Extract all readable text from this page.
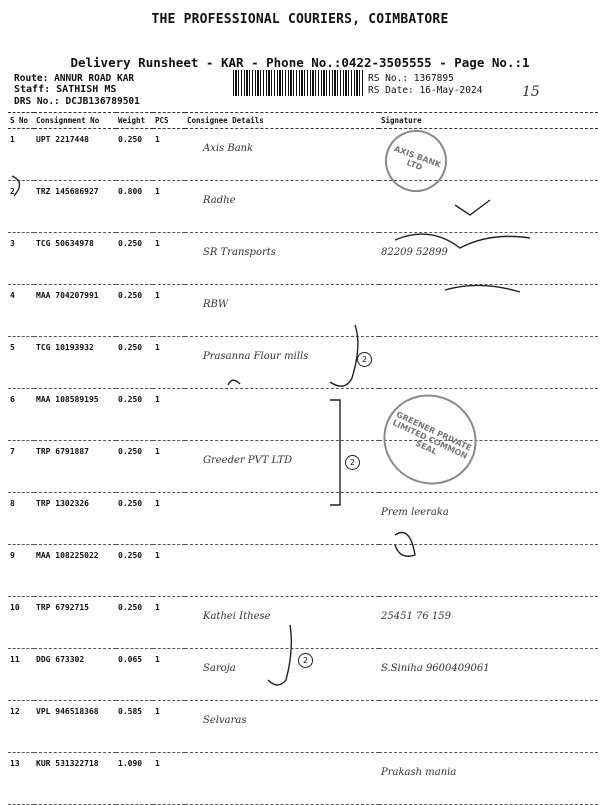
THE PROFESSIONAL COURIERS, COIMBATORE
Delivery Runsheet - KAR - Phone No.:0422-3505555 - Page No.:1
Route: ANNUR ROAD KAR
Staff: SATHISH MS
DRS No.: DCJB136789501
RS No.: 1367895
RS Date: 16-May-2024	15
S No	Consignment No	Weight	PCS	Consignee Details	Signature
1	UPT 2217448	0.250	1	Axis Bank	
2	TRZ 145686927	0.800	1	Radhe	
3	TCG 50634978	0.250	1	SR Transports	82209 52899
4	MAA 704207991	0.250	1	RBW	
5	TCG 10193932	0.250	1	Prasanna Flour mills	
6	MAA 108589195	0.250	1		
7	TRP 6791887	0.250	1	Greeder PVT LTD	
8	TRP 1302326	0.250	1		Prem leeraka
9	MAA 108225022	0.250	1		
10	TRP 6792715	0.250	1	Kathei Ithese	25451 76 159
11	DDG 673302	0.065	1	Saroja	S.Siniha 9600409061
12	VPL 946518368	0.585	1	Selvaras	
13	KUR 531322718	1.090	1		Prakash mania
AXIS BANK LTD
GREENER PRIVATE LIMITED COMMON SEAL
2
2
2
